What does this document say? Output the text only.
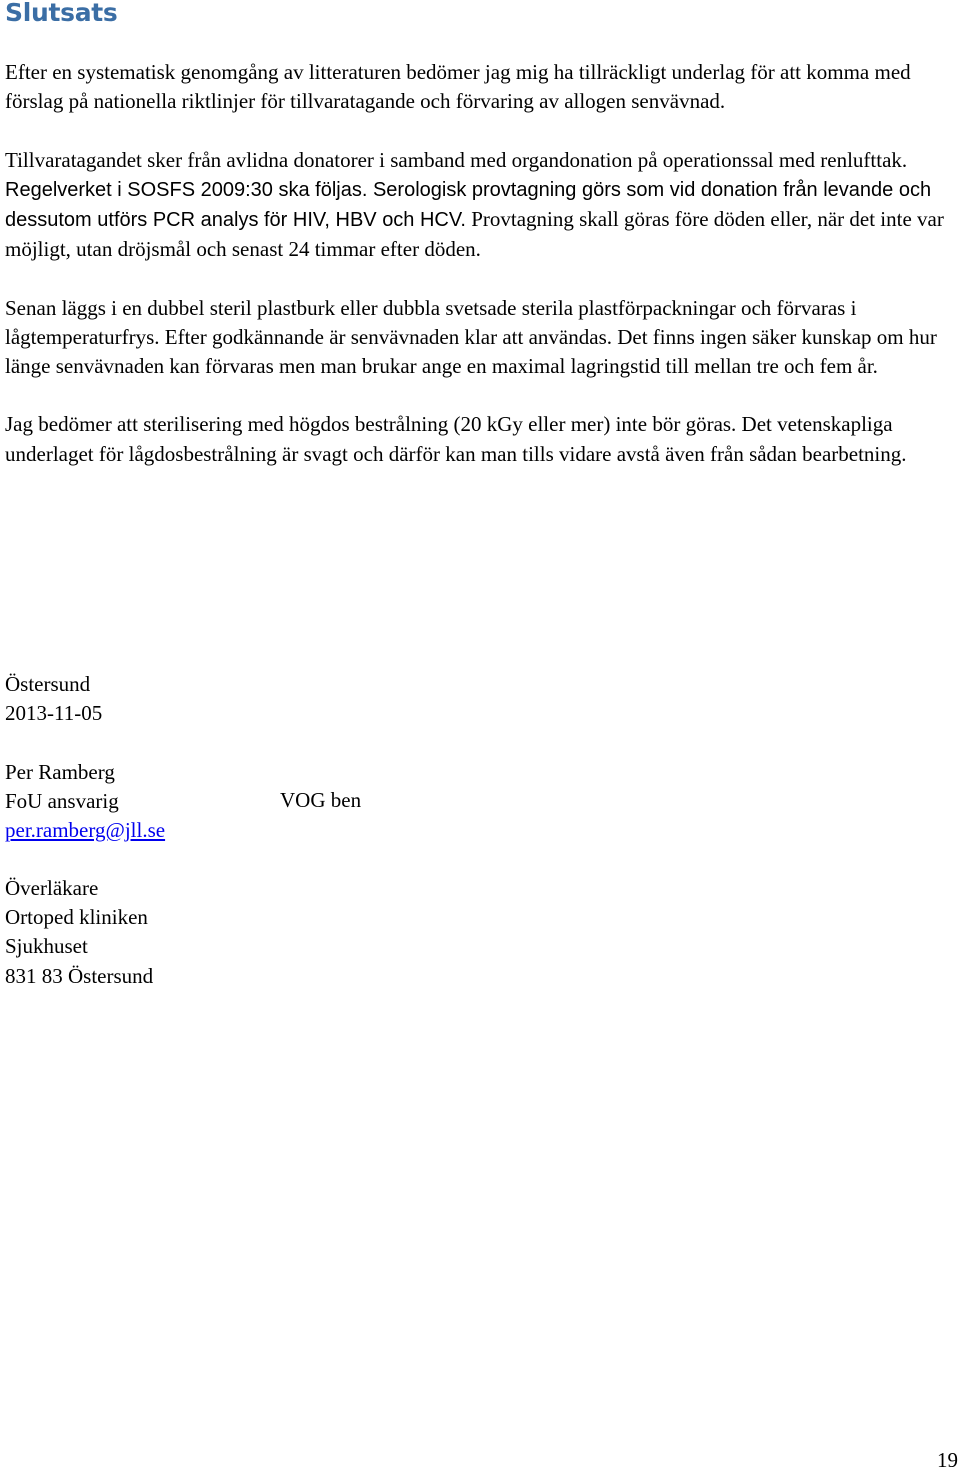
Slutsats

Efter en systematisk genomgång av litteraturen bedömer jag mig ha tillräckligt underlag för att komma med förslag på nationella riktlinjer för tillvaratagande och förvaring av allogen senvävnad.

Tillvaratagandet sker från avlidna donatorer i samband med organdonation på operationssal med renlufttak. Regelverket i SOSFS 2009:30 ska följas. Serologisk provtagning görs som vid donation från levande och dessutom utförs PCR analys för HIV, HBV och HCV. Provtagning skall göras före döden eller, när det inte var möjligt, utan dröjsmål och senast 24 timmar efter döden.

Senan läggs i en dubbel steril plastburk eller dubbla svetsade sterila plastförpackningar och förvaras i lågtemperaturfrys. Efter godkännande är senvävnaden klar att användas. Det finns ingen säker kunskap om hur länge senvävnaden kan förvaras men man brukar ange en maximal lagringstid till mellan tre och fem år.

Jag bedömer att sterilisering med högdos bestrålning (20 kGy eller mer) inte bör göras. Det vetenskapliga underlaget för lågdosbestrålning är svagt och därför kan man tills vidare avstå även från sådan bearbetning.

Östersund
2013-11-05
Per Ramberg
FoU ansvarig
per.ramberg@jll.se
VOG ben
Överläkare
Ortoped kliniken
Sjukhuset
831 83 Östersund
19
